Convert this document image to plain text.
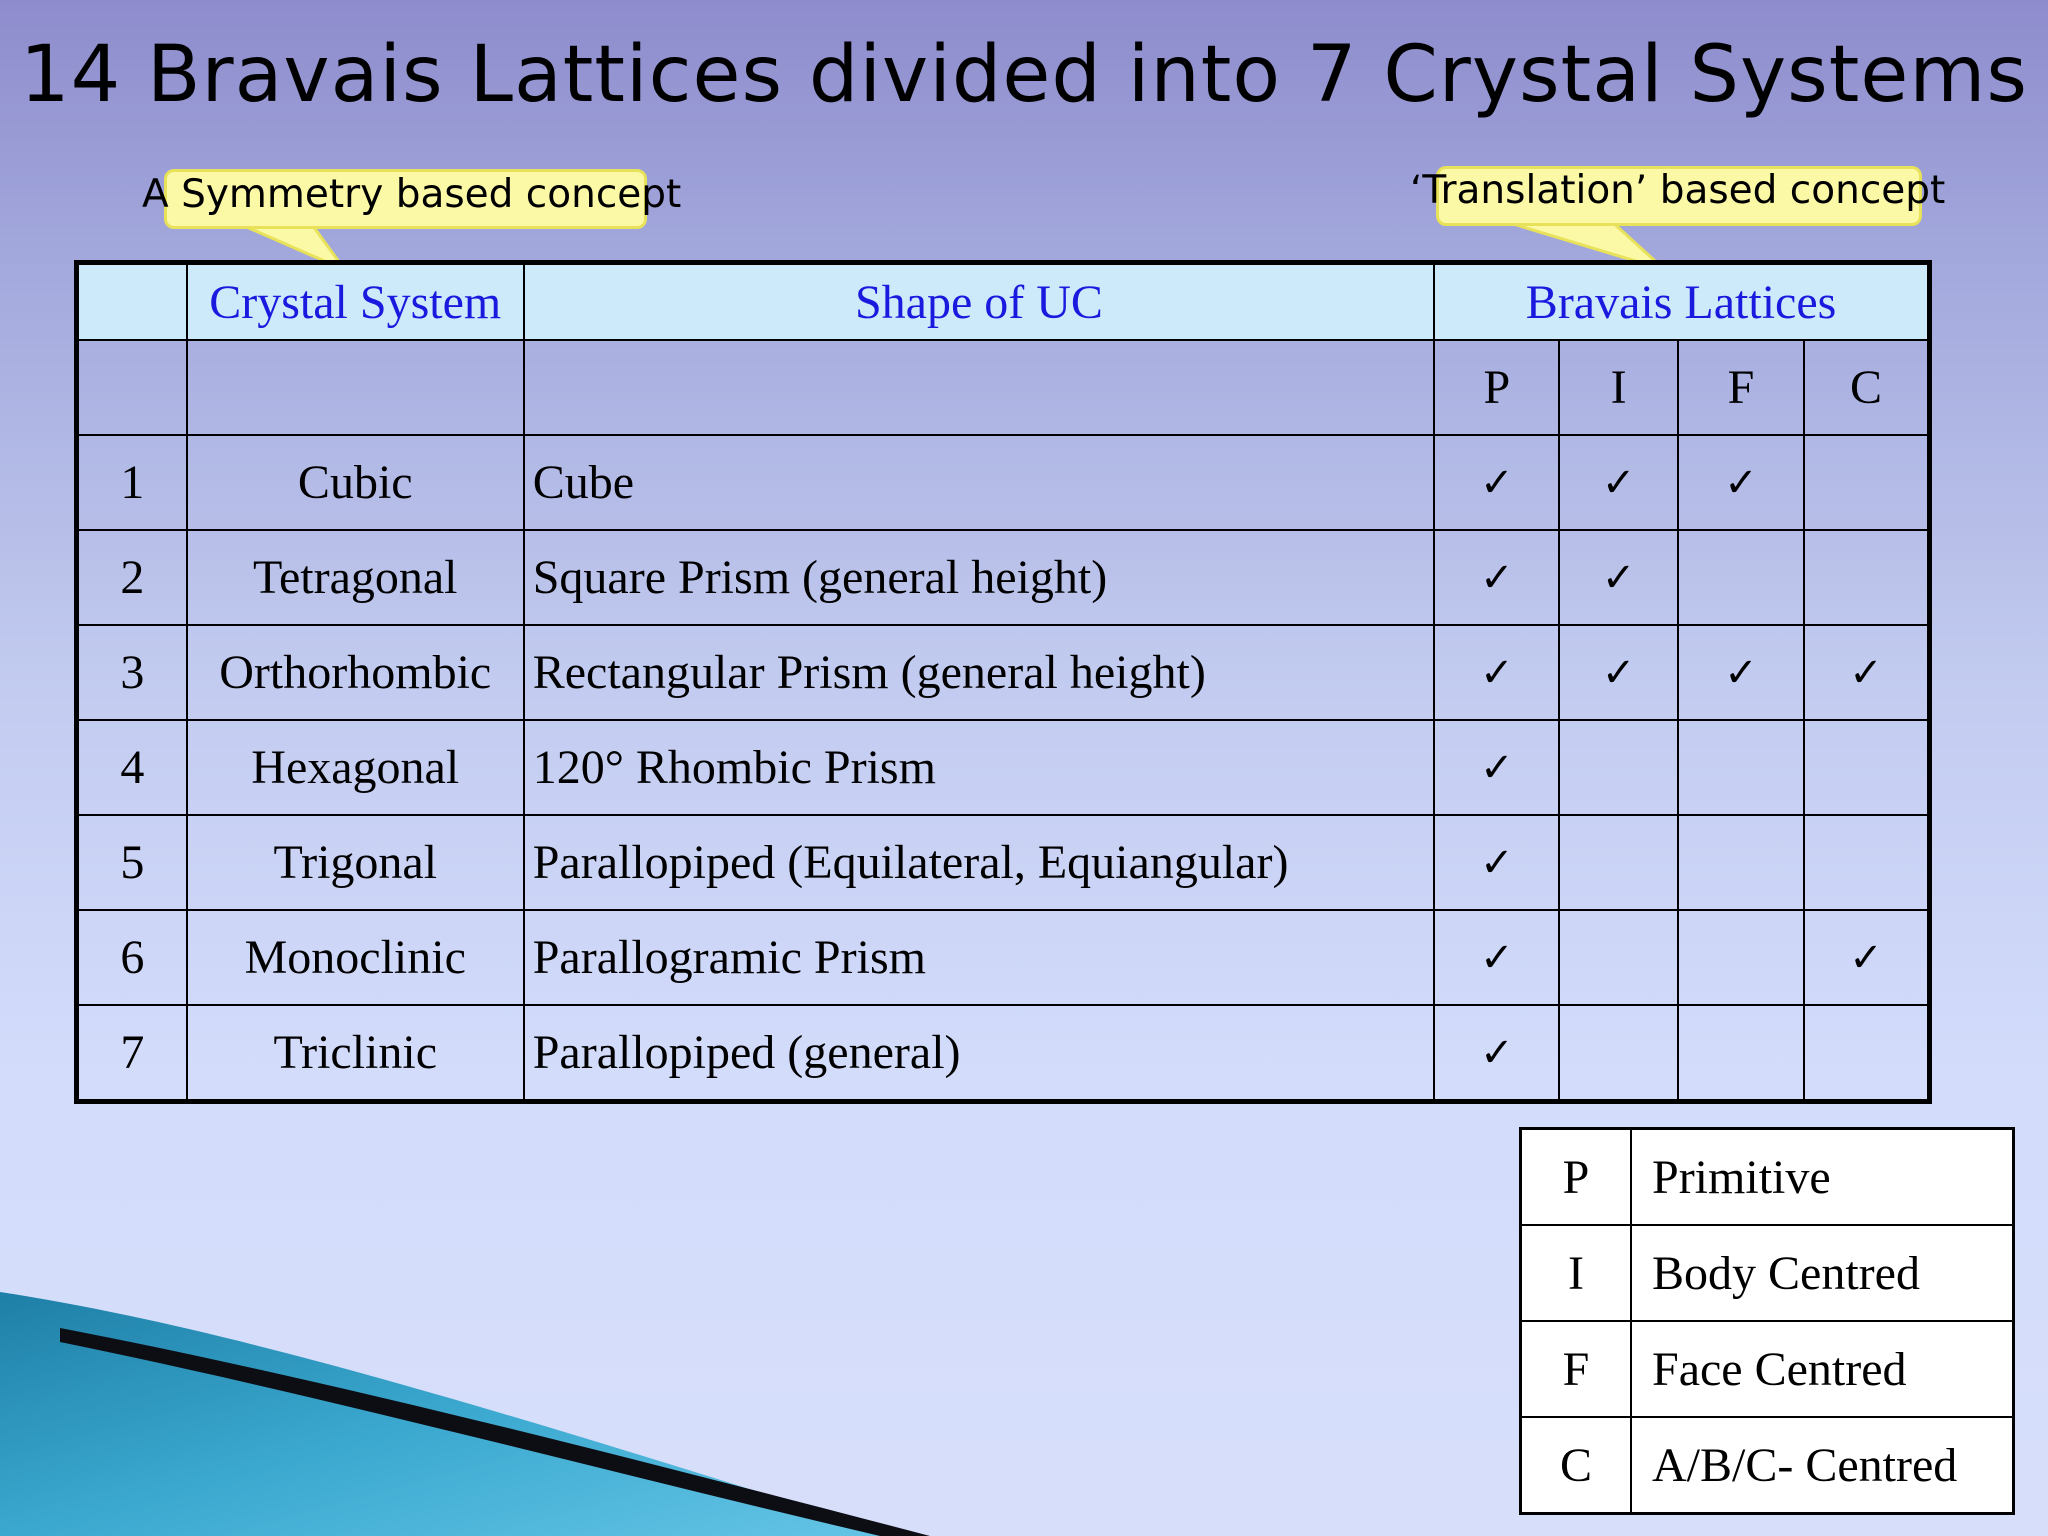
14 Bravais Lattices divided into 7 Crystal Systems
A Symmetry based concept	‘Translation’ based concept
	Crystal System	Shape of UC	Bravais Lattices			
			P	I	F	C
1	Cubic	Cube	✓	✓	✓	
2	Tetragonal	Square Prism (general height)	✓	✓		
3	Orthorhombic	Rectangular Prism (general height)	✓	✓	✓	✓
4	Hexagonal	120° Rhombic Prism	✓			
5	Trigonal	Parallopiped (Equilateral, Equiangular)	✓			
6	Monoclinic	Parallogramic Prism	✓			✓
7	Triclinic	Parallopiped (general)	✓			
P	Primitive
I	Body Centred
F	Face Centred
C	A/B/C- Centred
